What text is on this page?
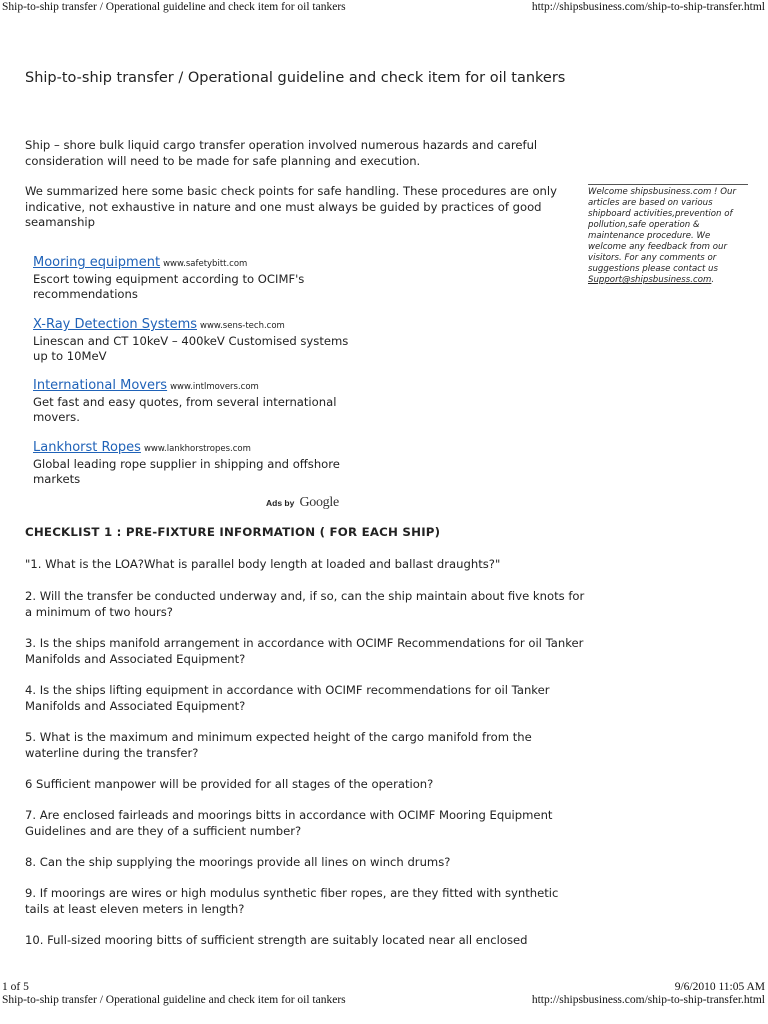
Ship-to-ship transfer / Operational guideline and check item for oil tankers	http://shipsbusiness.com/ship-to-ship-transfer.html
Ship-to-ship transfer / Operational guideline and check item for oil tankers

Ship – shore bulk liquid cargo transfer operation involved numerous hazards and careful consideration will need to be made for safe planning and execution.

We summarized here some basic check points for safe handling. These procedures are only indicative, not exhaustive in nature and one must always be guided by practices of good seamanship

Welcome shipsbusiness.com ! Our articles are based on various shipboard activities,prevention of pollution,safe operation & maintenance procedure. We welcome any feedback from our visitors. For any comments or suggestions please contact us Support@shipsbusiness.com.
Mooring equipment www.safetybitt.com
Escort towing equipment according to OCIMF's recommendations
X-Ray Detection Systems www.sens-tech.com
Linescan and CT 10keV – 400keV Customised systems up to 10MeV
International Movers www.intlmovers.com
Get fast and easy quotes, from several international movers.
Lankhorst Ropes www.lankhorstropes.com
Global leading rope supplier in shipping and offshore markets
Ads by Google
CHECKLIST 1 : PRE-FIXTURE INFORMATION ( FOR EACH SHIP)

"1. What is the LOA?What is parallel body length at loaded and ballast draughts?"

2. Will the transfer be conducted underway and, if so, can the ship maintain about five knots for a minimum of two hours?

3. Is the ships manifold arrangement in accordance with OCIMF Recommendations for oil Tanker Manifolds and Associated Equipment?

4. Is the ships lifting equipment in accordance with OCIMF recommendations for oil Tanker Manifolds and Associated Equipment?

5. What is the maximum and minimum expected height of the cargo manifold from the waterline during the transfer?

6 Sufficient manpower will be provided for all stages of the operation?

7. Are enclosed fairleads and moorings bitts in accordance with OCIMF Mooring Equipment Guidelines and are they of a sufficient number?

8. Can the ship supplying the moorings provide all lines on winch drums?

9. If moorings are wires or high modulus synthetic fiber ropes, are they fitted with synthetic tails at least eleven meters in length?

10. Full-sized mooring bitts of sufficient strength are suitably located near all enclosed

1 of 5	9/6/2010 11:05 AM
Ship-to-ship transfer / Operational guideline and check item for oil tankers	http://shipsbusiness.com/ship-to-ship-transfer.html
